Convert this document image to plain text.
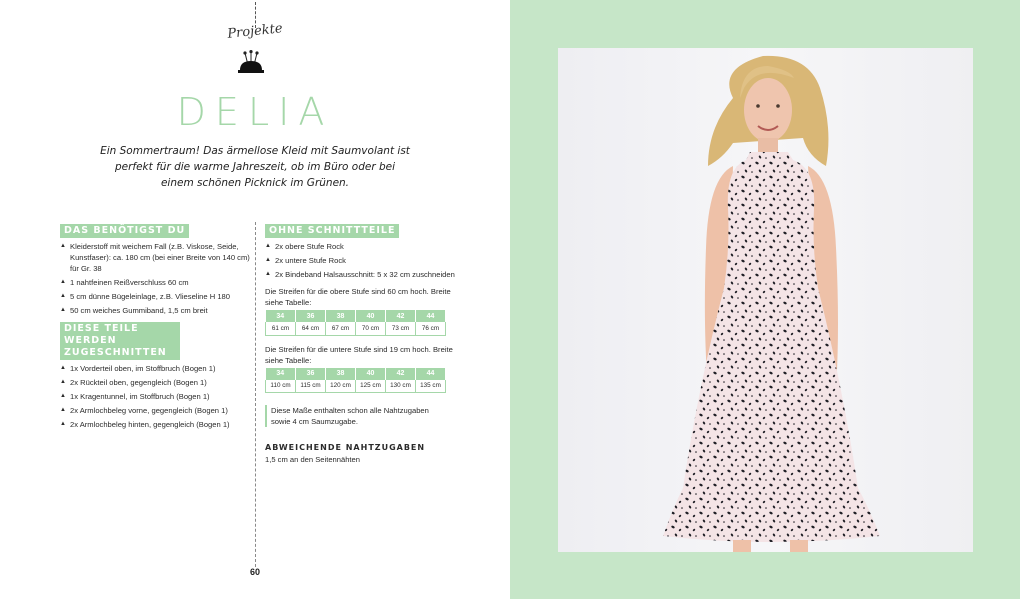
Projekte
DELIA
Ein Sommertraum! Das ärmellose Kleid mit Saumvolant ist perfekt für die warme Jahreszeit, ob im Büro oder bei einem schönen Picknick im Grünen.
DAS BENÖTIGST DU
▲ Kleiderstoff mit weichem Fall (z.B. Viskose, Seide, Kunstfaser): ca. 180 cm (bei einer Breite von 140 cm) für Gr. 38
▲ 1 nahtfeinen Reißverschluss 60 cm
▲ 5 cm dünne Bügeleinlage, z.B. Vlieseline H 180
▲ 50 cm weiches Gummiband, 1,5 cm breit
DIESE TEILE WERDEN ZUGESCHNITTEN
▲ 1x Vorderteil oben, im Stoffbruch (Bogen 1)
▲ 2x Rückteil oben, gegengleich (Bogen 1)
▲ 1x Kragentunnel, im Stoffbruch (Bogen 1)
▲ 2x Armlochbeleg vorne, gegengleich (Bogen 1)
▲ 2x Armlochbeleg hinten, gegengleich (Bogen 1)
OHNE SCHNITTTEILE
▲ 2x obere Stufe Rock
▲ 2x untere Stufe Rock
▲ 2x Bindeband Halsausschnitt: 5 x 32 cm zuschneiden
Die Streifen für die obere Stufe sind 60 cm hoch. Breite siehe Tabelle:
34	36	38	40	42	44
61 cm	64 cm	67 cm	70 cm	73 cm	76 cm
Die Streifen für die untere Stufe sind 19 cm hoch. Breite siehe Tabelle:
34	36	38	40	42	44
110 cm	115 cm	120 cm	125 cm	130 cm	135 cm
Diese Maße enthalten schon alle Nahtzugaben sowie 4 cm Saumzugabe.
ABWEICHENDE NAHTZUGABEN
1,5 cm an den Seitennähten
60
